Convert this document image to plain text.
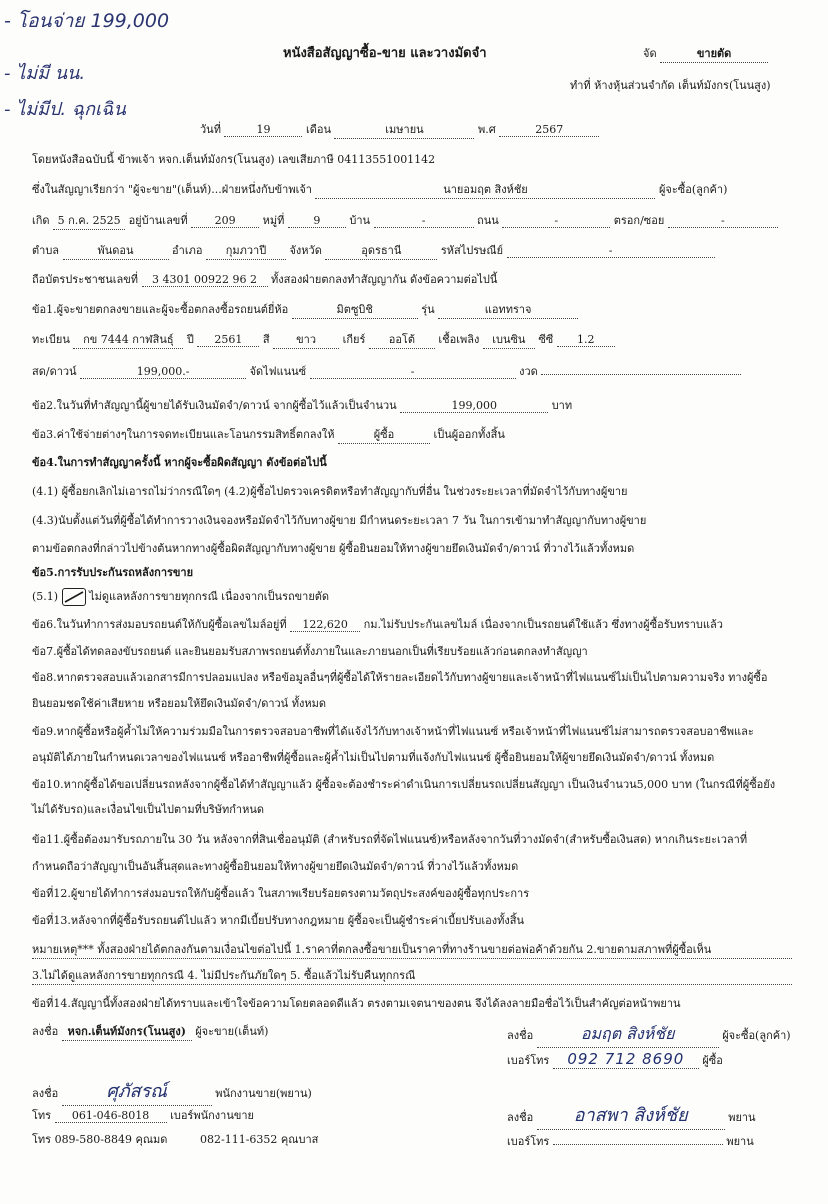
- โอนจ่าย 199,000
- ไม่มี นน.
- ไม่มีป. ฉุกเฉิน
หนังสือสัญญาซื้อ-ขาย และวางมัดจำ	จัด	ขายตัด
ทำที่ ห้างหุ้นส่วนจำกัด เต็นท์มังกร(โนนสูง)
วันที่	19	เดือน	เมษายน	พ.ศ	2567
โดยหนังสือฉบับนี้ ข้าพเจ้า หจก.เต็นท์มังกร(โนนสูง) เลขเสียภาษี 04113551001142
ซึ่งในสัญญาเรียกว่า "ผู้จะขาย"(เต็นท์)...ฝ่ายหนึ่งกับข้าพเจ้า	นายอมฤต สิงห์ชัย	ผู้จะซื้อ(ลูกค้า)
เกิด 5 ก.ค. 2525 อยู่บ้านเลขที่ 209 หมู่ที่	9	บ้าน	-	ถนน	-	ตรอก/ซอย	-
ตำบล	พันดอน	อำเภอ กุมภวาปี จังหวัด	อุดรธานี	รหัสไปรษณีย์	-
ถือบัตรประชาชนเลขที่ 3 4301 00922 96 2 ทั้งสองฝ่ายตกลงทำสัญญากัน ดังข้อความต่อไปนี้
ข้อ1.ผู้จะขายตกลงขายและผู้จะซื้อตกลงซื้อรถยนต์ยี่ห้อ	มิตซูบิชิ	รุ่น	แอททราจ
ทะเบียน กข 7444 กาฬสินธุ์ ปี 2561 สี ขาว เกียร์ ออโต้ เชื้อเพลิง เบนซิน ซีซี 1.2
สด/ดาวน์	199,000.-	จัดไฟแนนซ์	-	งวด
ข้อ2.ในวันที่ทำสัญญานี้ผู้ขายได้รับเงินมัดจำ/ดาวน์ จากผู้ซื้อไว้แล้วเป็นจำนวน	199,000	บาท
ข้อ3.ค่าใช้จ่ายต่างๆในการจดทะเบียนและโอนกรรมสิทธิ์ตกลงให้	ผู้ซื้อ	เป็นผู้ออกทั้งสิ้น
ข้อ4.ในการทำสัญญาครั้งนี้ หากผู้จะซื้อผิดสัญญา ดังข้อต่อไปนี้
(4.1) ผู้ซื้อยกเลิกไม่เอารถไม่ว่ากรณีใดๆ (4.2)ผู้ซื้อไปตรวจเครดิตหรือทำสัญญากับที่อื่น ในช่วงระยะเวลาที่มัดจำไว้กับทางผู้ขาย
(4.3)นับตั้งแต่วันที่ผู้ซื้อได้ทำการวางเงินจองหรือมัดจำไว้กับทางผู้ขาย มีกำหนดระยะเวลา 7 วัน ในการเข้ามาทำสัญญากับทางผู้ขาย
ตามข้อตกลงที่กล่าวไปข้างต้นหากทางผู้ซื้อผิดสัญญากับทางผู้ขาย ผู้ซื้อยินยอมให้ทางผู้ขายยึดเงินมัดจำ/ดาวน์ ที่วางไว้แล้วทั้งหมด
ข้อ5.การรับประกันรถหลังการขาย
(5.1)	ไม่ดูแลหลังการขายทุกกรณี เนื่องจากเป็นรถขายตัด
ข้อ6.ในวันทำการส่งมอบรถยนต์ให้กับผู้ซื้อเลขไมล์อยู่ที่ 122,620 กม.ไม่รับประกันเลขไมล์ เนื่องจากเป็นรถยนต์ใช้แล้ว ซึ่งทางผู้ซื้อรับทราบแล้ว
ข้อ7.ผู้ซื้อได้ทดลองขับรถยนต์ และยินยอมรับสภาพรถยนต์ทั้งภายในและภายนอกเป็นที่เรียบร้อยแล้วก่อนตกลงทำสัญญา
ข้อ8.หากตรวจสอบแล้วเอกสารมีการปลอมแปลง หรือข้อมูลอื่นๆที่ผู้ซื้อได้ให้รายละเอียดไว้กับทางผู้ขายและเจ้าหน้าที่ไฟแนนซ์ไม่เป็นไปตามความจริง ทางผู้ซื้อ
ยินยอมชดใช้ค่าเสียหาย หรือยอมให้ยึดเงินมัดจำ/ดาวน์ ทั้งหมด
ข้อ9.หากผู้ซื้อหรือผู้ค้ำไม่ให้ความร่วมมือในการตรวจสอบอาชีพที่ได้แจ้งไว้กับทางเจ้าหน้าที่ไฟแนนซ์ หรือเจ้าหน้าที่ไฟแนนซ์ไม่สามารถตรวจสอบอาชีพและ
อนุมัติได้ภายในกำหนดเวลาของไฟแนนซ์ หรืออาชีพที่ผู้ซื้อและผู้ค้ำไม่เป็นไปตามที่แจ้งกับไฟแนนซ์ ผู้ซื้อยินยอมให้ผู้ขายยึดเงินมัดจำ/ดาวน์ ทั้งหมด
ข้อ10.หากผู้ซื้อได้ขอเปลี่ยนรถหลังจากผู้ซื้อได้ทำสัญญาแล้ว ผู้ซื้อจะต้องชำระค่าดำเนินการเปลี่ยนรถเปลี่ยนสัญญา เป็นเงินจำนวน5,000 บาท (ในกรณีที่ผู้ซื้อยัง
ไม่ได้รับรถ)และเงื่อนไขเป็นไปตามที่บริษัทกำหนด
ข้อ11.ผู้ซื้อต้องมารับรถภายใน 30 วัน หลังจากที่สินเชื่ออนุมัติ (สำหรับรถที่จัดไฟแนนซ์)หรือหลังจากวันที่วางมัดจำ(สำหรับซื้อเงินสด) หากเกินระยะเวลาที่
กำหนดถือว่าสัญญาเป็นอันสิ้นสุดและทางผู้ซื้อยินยอมให้ทางผู้ขายยึดเงินมัดจำ/ดาวน์ ที่วางไว้แล้วทั้งหมด
ข้อที่12.ผู้ขายได้ทำการส่งมอบรถให้กับผู้ซื้อแล้ว ในสภาพเรียบร้อยตรงตามวัตถุประสงค์ของผู้ซื้อทุกประการ
ข้อที่13.หลังจากที่ผู้ซื้อรับรถยนต์ไปแล้ว หากมีเบี้ยปรับทางกฎหมาย ผู้ซื้อจะเป็นผู้ชำระค่าเบี้ยปรับเองทั้งสิ้น
หมายเหตุ*** ทั้งสองฝ่ายได้ตกลงกันตามเงื่อนไขต่อไปนี้ 1.ราคาที่ตกลงซื้อขายเป็นราคาที่ทางร้านขายต่อพ่อค้าด้วยกัน 2.ขายตามสภาพที่ผู้ซื้อเห็น
3.ไม่ได้ดูแลหลังการขายทุกกรณี 4. ไม่มีประกันภัยใดๆ 5. ซื้อแล้วไม่รับคืนทุกกรณี
ข้อที่14.สัญญานี้ทั้งสองฝ่ายได้ทราบและเข้าใจข้อความโดยตลอดดีแล้ว ตรงตามเจตนาของตน จึงได้ลงลายมือชื่อไว้เป็นสำคัญต่อหน้าพยาน
ลงชื่อ หจก.เต็นท์มังกร(โนนสูง) ผู้จะขาย(เต็นท์)	ลงชื่อ	อมฤต สิงห์ชัย	ผู้จะซื้อ(ลูกค้า)
เบอร์โทร 092 712 8690 ผู้ซื้อ
ลงชื่อ	ศุภัสรณ์	พนักงานขาย(พยาน)
ลงชื่อ อาสพา สิงห์ชัย	พยาน
โทร 061-046-8018 เบอร์พนักงานขาย
โทร 089-580-8849 คุณมด	082-111-6352 คุณบาส	เบอร์โทร	พยาน
